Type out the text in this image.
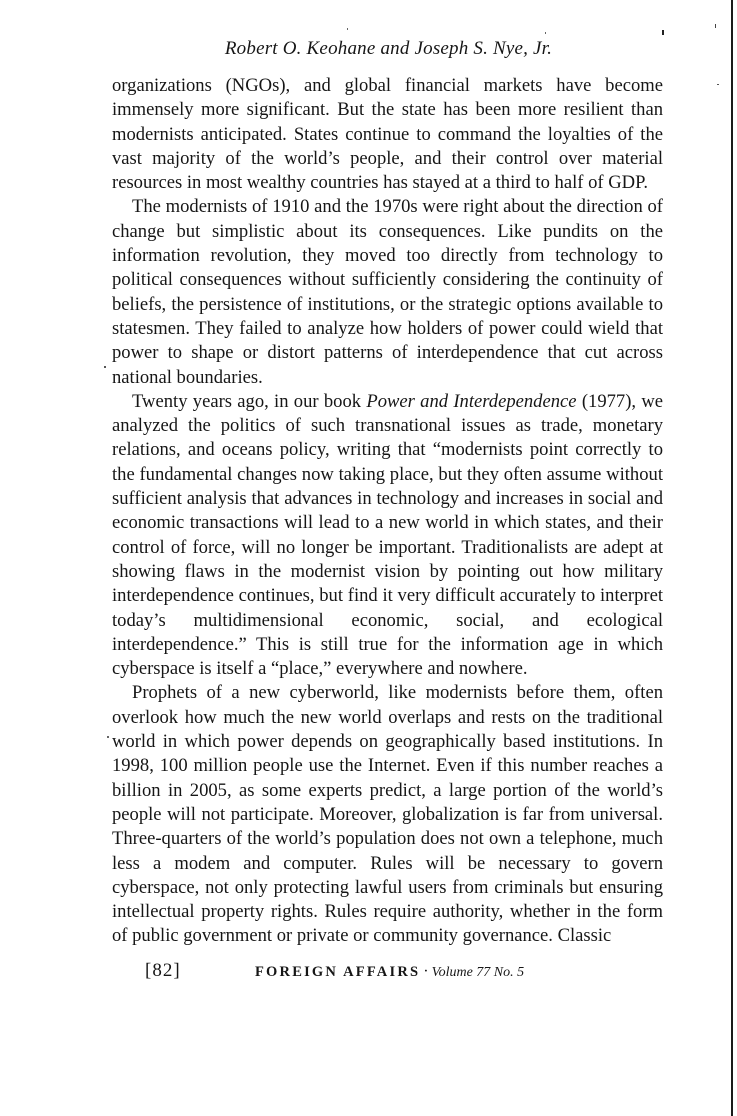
Robert O. Keohane and Joseph S. Nye, Jr.

organizations (NGOs), and global financial markets have become immensely more significant. But the state has been more resilient than modernists anticipated. States continue to command the loyalties of the vast majority of the world’s people, and their control over material resources in most wealthy countries has stayed at a third to half of GDP.

The modernists of 1910 and the 1970s were right about the direction of change but simplistic about its consequences. Like pundits on the information revolution, they moved too directly from technology to political consequences without sufficiently considering the continuity of beliefs, the persistence of institutions, or the strategic options available to statesmen. They failed to analyze how holders of power could wield that power to shape or distort patterns of interdependence that cut across national boundaries.

Twenty years ago, in our book Power and Interdependence (1977), we analyzed the politics of such transnational issues as trade, monetary relations, and oceans policy, writing that “modernists point correctly to the fundamental changes now taking place, but they often assume without sufficient analysis that advances in technology and increases in social and economic transactions will lead to a new world in which states, and their control of force, will no longer be important. Traditionalists are adept at showing flaws in the modernist vision by pointing out how military interdependence continues, but find it very difficult accurately to interpret today’s multidimensional economic, social, and ecological interdependence.” This is still true for the information age in which cyberspace is itself a “place,” everywhere and nowhere.

Prophets of a new cyberworld, like modernists before them, often overlook how much the new world overlaps and rests on the traditional world in which power depends on geographically based institutions. In 1998, 100 million people use the Internet. Even if this number reaches a billion in 2005, as some experts predict, a large portion of the world’s people will not participate. Moreover, globalization is far from universal. Three-quarters of the world’s population does not own a telephone, much less a modem and computer. Rules will be necessary to govern cyberspace, not only protecting lawful users from criminals but ensuring intellectual property rights. Rules require authority, whether in the form of public government or private or community governance. Classic

[82]	FOREIGN AFFAIRS · Volume 77 No. 5
